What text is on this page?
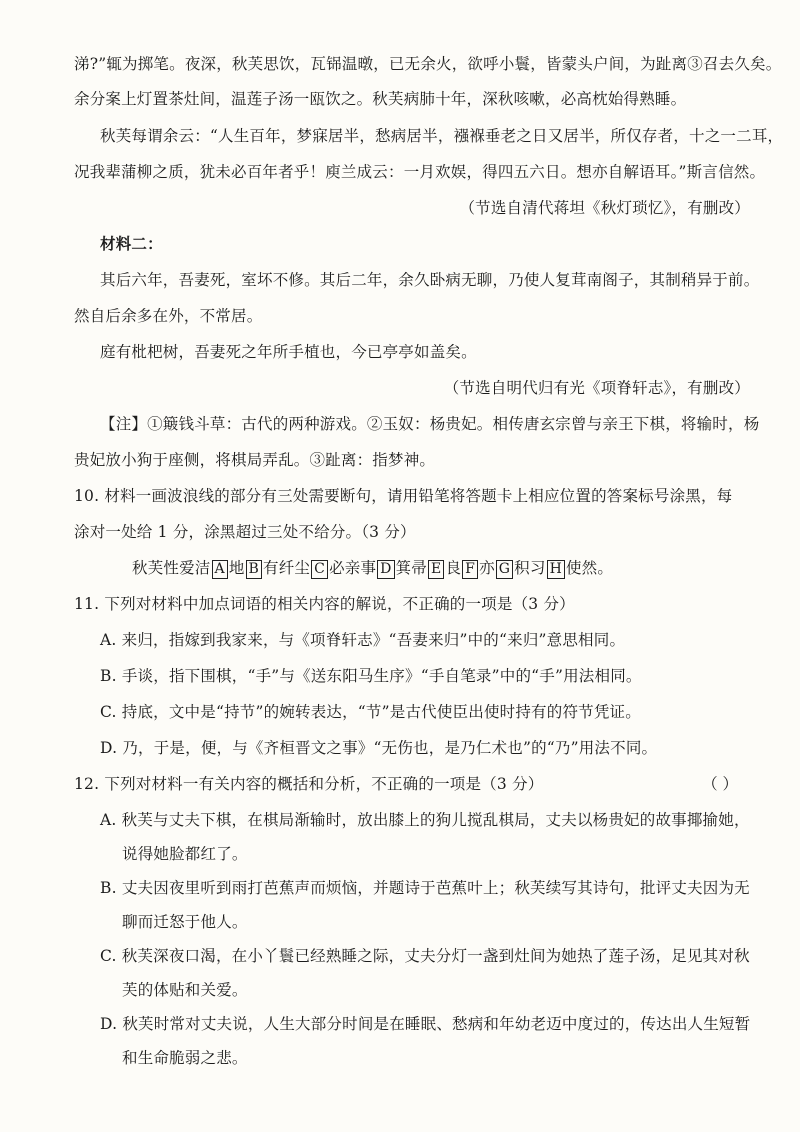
涕?”辄为掷笔。夜深，秋芙思饮，瓦铞温暾，已无余火，欲呼小鬟，皆蒙头户间，为趾离③召去久矣。

余分案上灯置茶灶间，温莲子汤一瓯饮之。秋芙病肺十年，深秋咳嗽，必高枕始得熟睡。

秋芙每谓余云：“人生百年，梦寐居半，愁病居半，襁褓垂老之日又居半，所仅存者，十之一二耳，

况我辈蒲柳之质，犹未必百年者乎！庾兰成云：一月欢娱，得四五六日。想亦自解语耳。”斯言信然。

（节选自清代蒋坦《秋灯琐忆》，有删改）

材料二：

其后六年，吾妻死，室坏不修。其后二年，余久卧病无聊，乃使人复茸南阁子，其制稍异于前。

然自后余多在外，不常居。

庭有枇杷树，吾妻死之年所手植也，今已亭亭如盖矣。

（节选自明代归有光《项脊轩志》，有删改）

【注】①簸钱斗草：古代的两种游戏。②玉奴：杨贵妃。相传唐玄宗曾与亲王下棋，将输时，杨

贵妃放小狗于座侧，将棋局弄乱。③趾离：指梦神。

10. 材料一画波浪线的部分有三处需要断句，请用铅笔将答题卡上相应位置的答案标号涂黑，每

涂对一处给 1 分，涂黑超过三处不给分。（3 分）

秋芙性爱洁 A 地 B 有纤尘 C 必亲事 D 箕帚 E 良 F 亦 G 积习 H 使然。

11. 下列对材料中加点词语的相关内容的解说，不正确的一项是（3 分）

A. 来归，指嫁到我家来，与《项脊轩志》“吾妻来归”中的“来归”意思相同。

B. 手谈，指下围棋，“手”与《送东阳马生序》“手自笔录”中的“手”用法相同。

C. 持底，文中是“持节”的婉转表达，“节”是古代使臣出使时持有的符节凭证。

D. 乃，于是，便，与《齐桓晋文之事》“无伤也，是乃仁术也”的“乃”用法不同。

12. 下列对材料一有关内容的概括和分析，不正确的一项是（3 分）	（ ）

A. 秋芙与丈夫下棋，在棋局渐输时，放出膝上的狗儿搅乱棋局，丈夫以杨贵妃的故事揶揄她，

说得她脸都红了。

B. 丈夫因夜里听到雨打芭蕉声而烦恼，并题诗于芭蕉叶上；秋芙续写其诗句，批评丈夫因为无

聊而迁怒于他人。

C. 秋芙深夜口渴，在小丫鬟已经熟睡之际，丈夫分灯一盏到灶间为她热了莲子汤，足见其对秋

芙的体贴和关爱。

D. 秋芙时常对丈夫说，人生大部分时间是在睡眠、愁病和年幼老迈中度过的，传达出人生短暂

和生命脆弱之悲。
